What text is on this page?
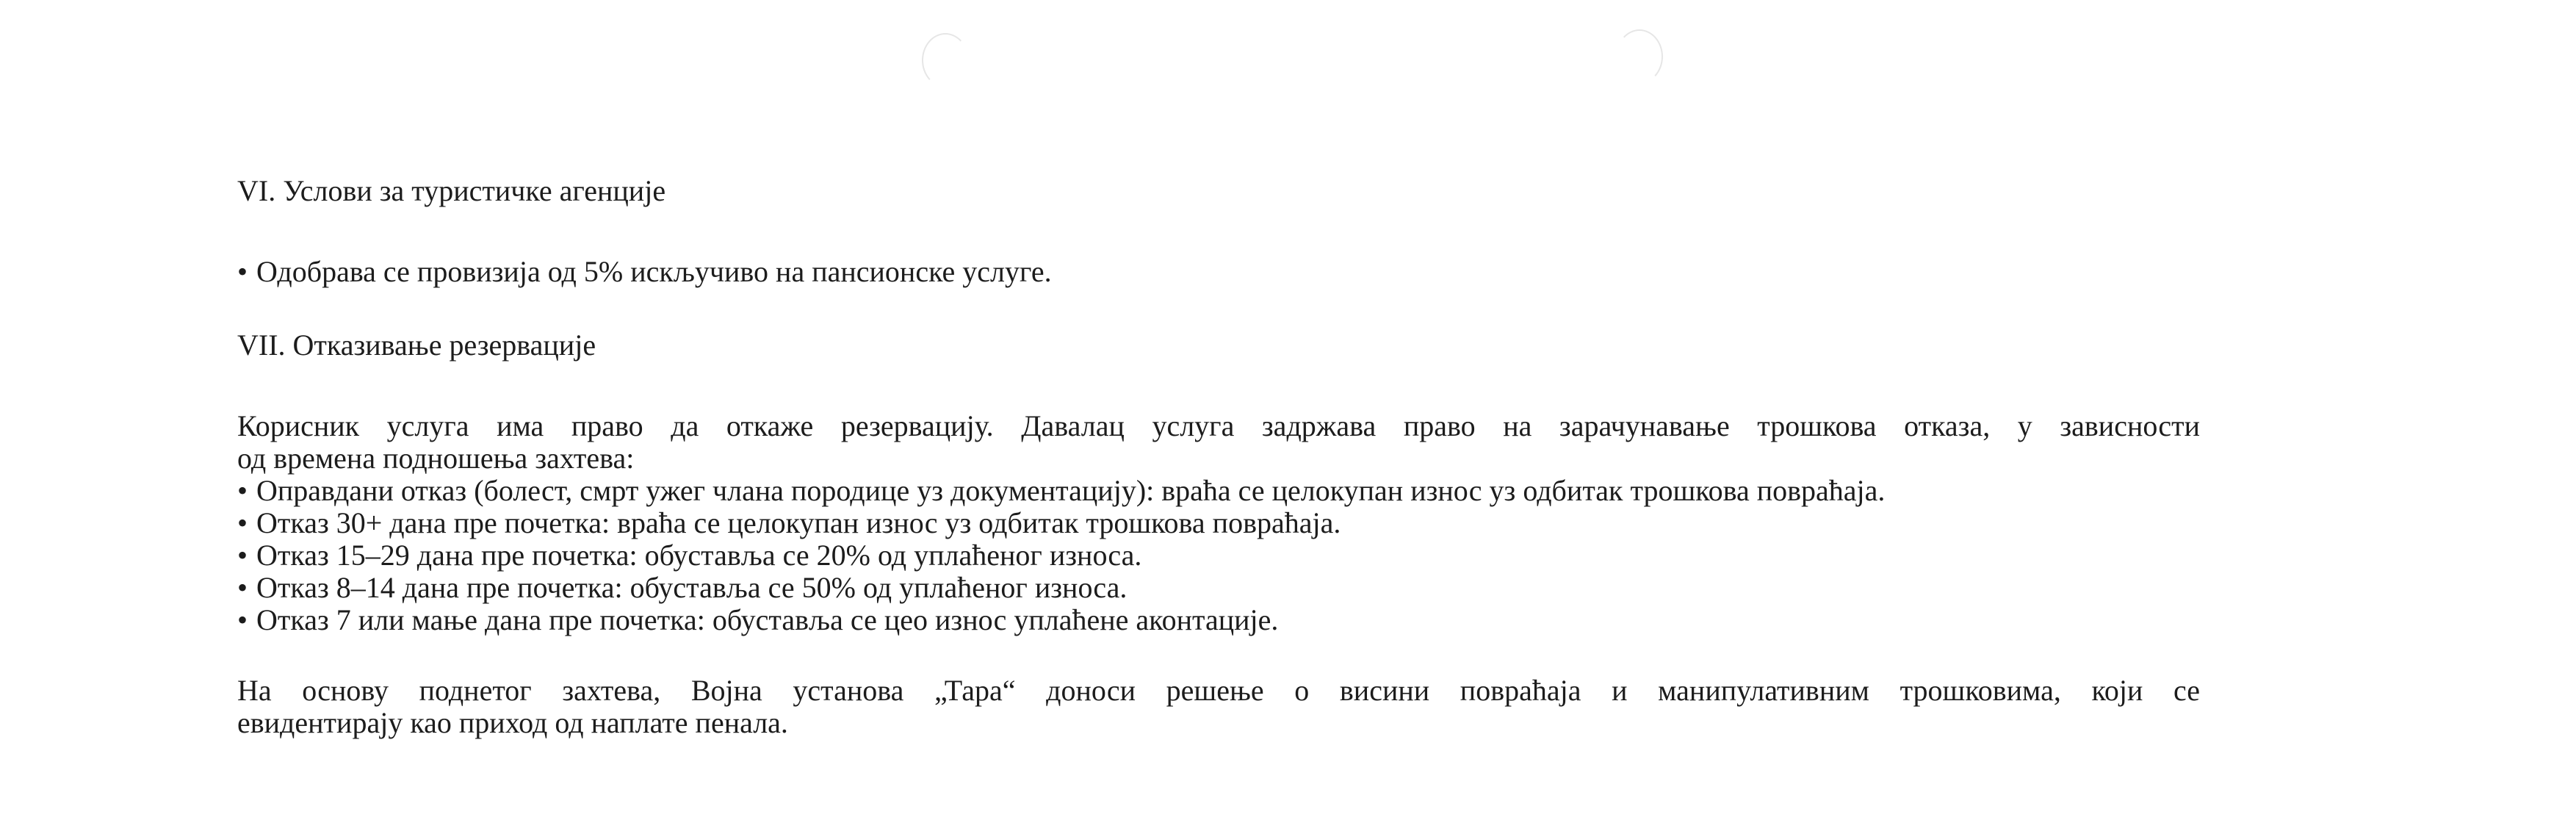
VI. Услови за туристичке агенције
• Одобрава се провизија од 5% искључиво на пансионске услуге.
VII. Отказивање резервације
Корисник услуга има право да откаже резервацију. Давалац услуга задржава право на зарачунавање трошкова отказа, у зависности
од времена подношења захтева:
• Оправдани отказ (болест, смрт ужег члана породице уз документацију): враћа се целокупан износ уз одбитак трошкова повраћаја.
• Отказ 30+ дана пре почетка: враћа се целокупан износ уз одбитак трошкова повраћаја.
• Отказ 15–29 дана пре почетка: обуставља се 20% од уплаћеног износа.
• Отказ 8–14 дана пре почетка: обуставља се 50% од уплаћеног износа.
• Отказ 7 или мање дана пре почетка: обуставља се цео износ уплаћене аконтације.
На основу поднетог захтева, Војна установа „Тара“ доноси решење о висини повраћаја и манипулативним трошковима, који се
евидентирају као приход од наплате пенала.
